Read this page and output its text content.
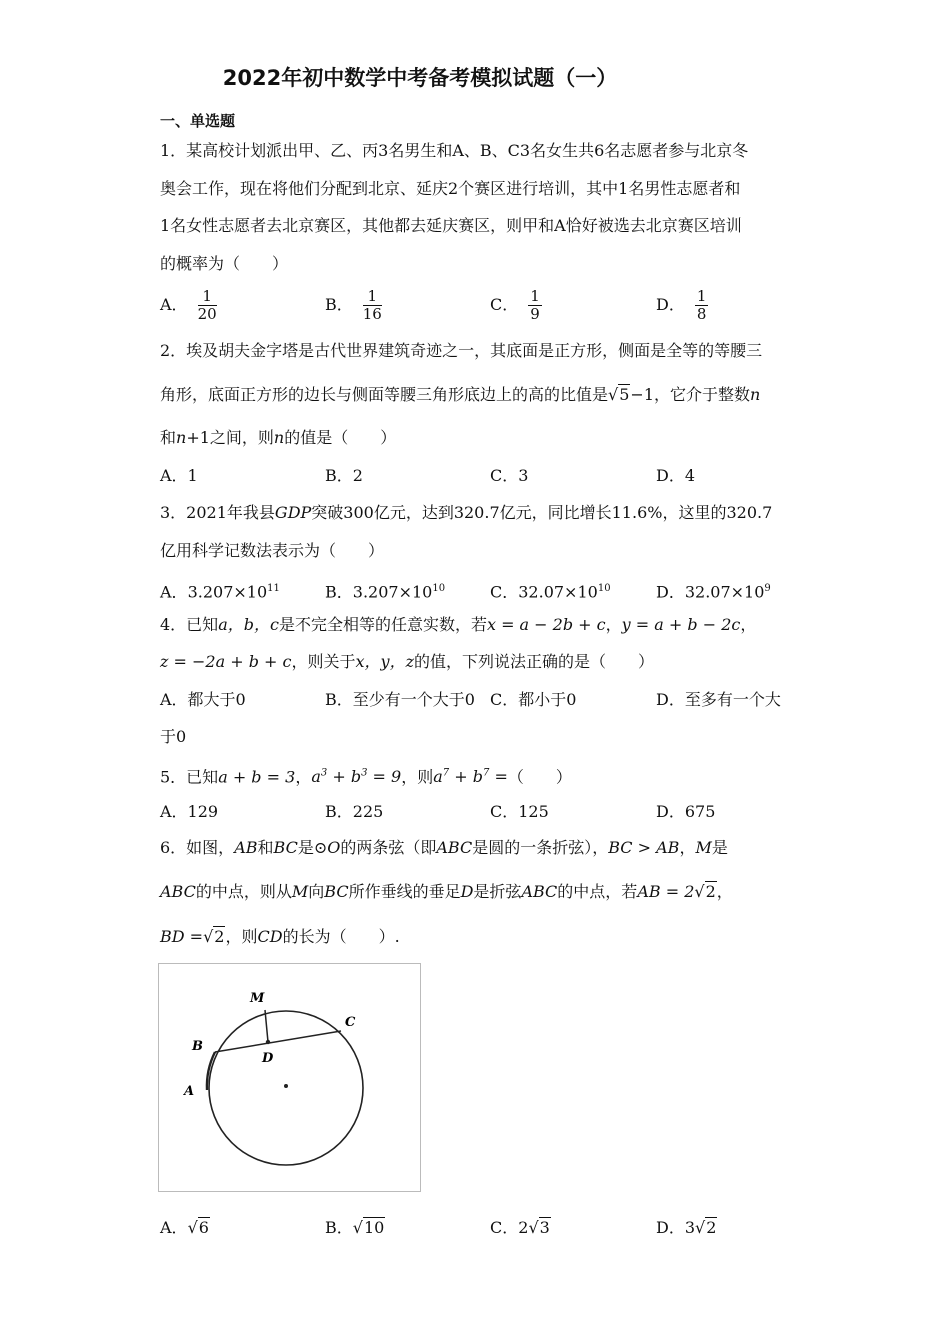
2022年初中数学中考备考模拟试题（一）
一、单选题
1．某高校计划派出甲、乙、丙3名男生和A、B、C3名女生共6名志愿者参与北京冬
奥会工作，现在将他们分配到北京、延庆2个赛区进行培训，其中1名男性志愿者和
1名女性志愿者去北京赛区，其他都去延庆赛区，则甲和A恰好被选去北京赛区培训
的概率为（　　）
A． $\frac{1}{20}$	B． $\frac{1}{16}$	C． $\frac{1}{9}$	D． $\frac{1}{8}$
2．埃及胡夫金字塔是古代世界建筑奇迹之一，其底面是正方形，侧面是全等的等腰三
角形，底面正方形的边长与侧面等腰三角形底边上的高的比值是√5−1，它介于整数n
和n+1之间，则n的值是（　　）
A．1	B．2	C．3	D．4
3．2021年我县GDP突破300亿元，达到320.7亿元，同比增长11.6%，这里的320.7
亿用科学记数法表示为（　　）
A．$3.207\times 10^{11}$	B．$3.207\times 10^{10}$	C．$32.07\times 10^{10}$	D．$32.07\times 10^9$
4．已知a，b，c是不完全相等的任意实数，若x = a − 2b + c，y = a + b − 2c，
z = −2a + b + c，则关于x，y，z的值，下列说法正确的是（　　）
A．都大于0	B．至少有一个大于0 C．都小于0	D．至多有一个大
于0
5．已知a + b = 3，$a^3 + b^3 = 9$，则$a^7 + b^7$ =（　　）
A．129	B．225	C．125	D．675
6．如图，AB和BC是⊙O的两条弦（即ABC是圆的一条折弦），BC > AB，M是
ABC的中点，则从M向BC所作垂线的垂足D是折弦ABC的中点，若AB = 2√2，
BD =√2，则CD的长为（　　）.
M
B
C
D
A
A．√6	B．√10	C．2√3	D．3√2
